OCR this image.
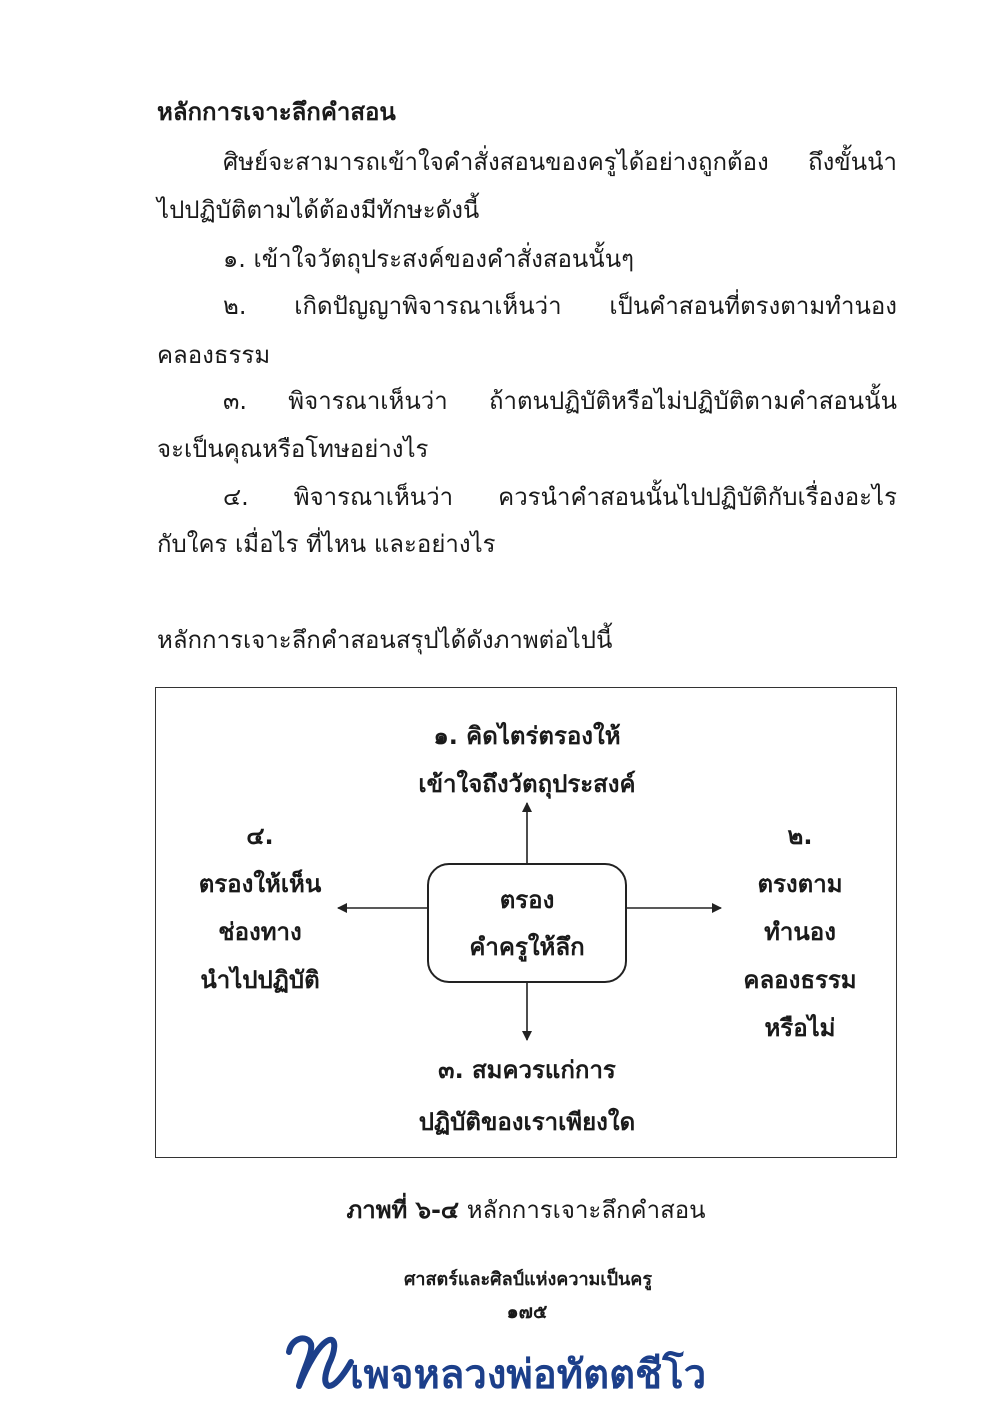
หลักการเจาะลึกคำสอน
ศิษย์จะสามารถเข้าใจคำสั่งสอนของครูได้อย่างถูกต้อง ถึงขั้นนำ
ไปปฏิบัติตามได้ต้องมีทักษะดังนี้
๑. เข้าใจวัตถุประสงค์ของคำสั่งสอนนั้นๆ
๒. เกิดปัญญาพิจารณาเห็นว่า เป็นคำสอนที่ตรงตามทำนอง
คลองธรรม
๓. พิจารณาเห็นว่า ถ้าตนปฏิบัติหรือไม่ปฏิบัติตามคำสอนนั้น
จะเป็นคุณหรือโทษอย่างไร
๔. พิจารณาเห็นว่า ควรนำคำสอนนั้นไปปฏิบัติกับเรื่องอะไร
กับใคร เมื่อไร ที่ไหน และอย่างไร
หลักการเจาะลึกคำสอนสรุปได้ดังภาพต่อไปนี้
ตรอง
คำครูให้ลึก
๑. คิดไตร่ตรองให้
เข้าใจถึงวัตถุประสงค์
๒.
ตรงตาม
ทำนอง
คลองธรรม
หรือไม่
๓. สมควรแก่การ
ปฏิบัติของเราเพียงใด
๔.
ตรองให้เห็น
ช่องทาง
นำไปปฏิบัติ
ภาพที่ ๖-๔ หลักการเจาะลึกคำสอน
ศาสตร์และศิลป์แห่งความเป็นครู
๑๗๕
เพจหลวงพ่อทัตตชีโว
